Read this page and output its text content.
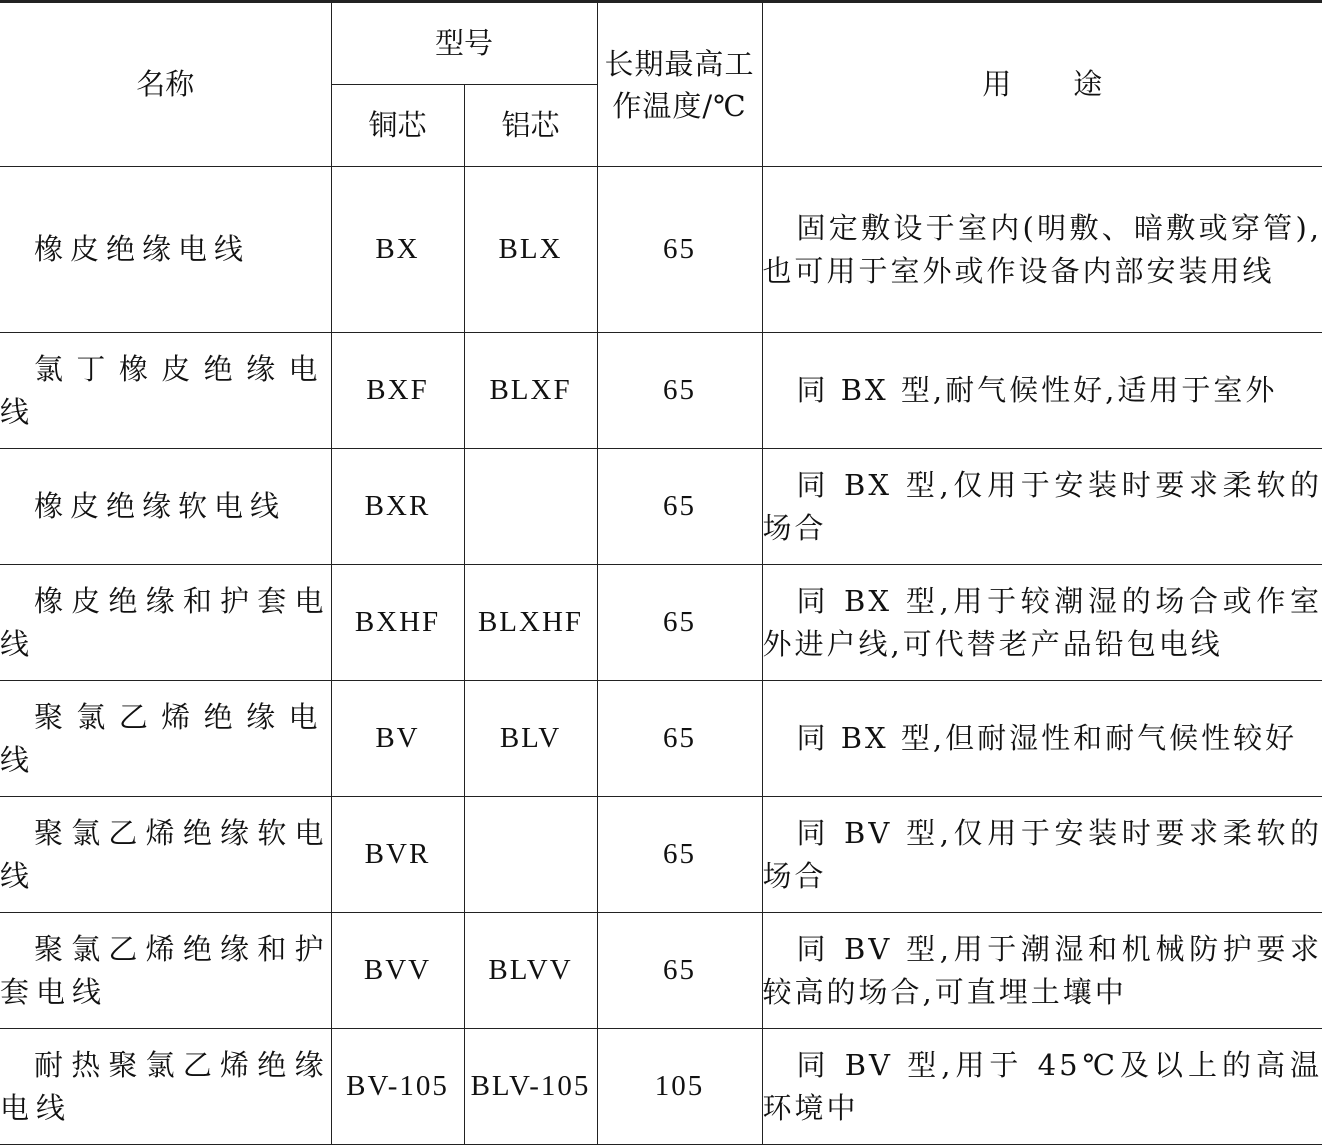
名称	型号		长期最高工作温度/℃	用途
	铜芯	铝芯		
橡皮绝缘电线	BX	BLX	65	固定敷设于室内(明敷、暗敷或穿管),也可用于室外或作设备内部安装用线
氯丁橡皮绝缘电线	BXF	BLXF	65	同 BX 型,耐气候性好,适用于室外
橡皮绝缘软电线	BXR		65	同 BX 型,仅用于安装时要求柔软的场合
橡皮绝缘和护套电线	BXHF	BLXHF	65	同 BX 型,用于较潮湿的场合或作室外进户线,可代替老产品铅包电线
聚氯乙烯绝缘电线	BV	BLV	65	同 BX 型,但耐湿性和耐气候性较好
聚氯乙烯绝缘软电线	BVR		65	同 BV 型,仅用于安装时要求柔软的场合
聚氯乙烯绝缘和护套电线	BVV	BLVV	65	同 BV 型,用于潮湿和机械防护要求较高的场合,可直埋土壤中
耐热聚氯乙烯绝缘电线	BV-105	BLV-105	105	同 BV 型,用于 45℃及以上的高温环境中
